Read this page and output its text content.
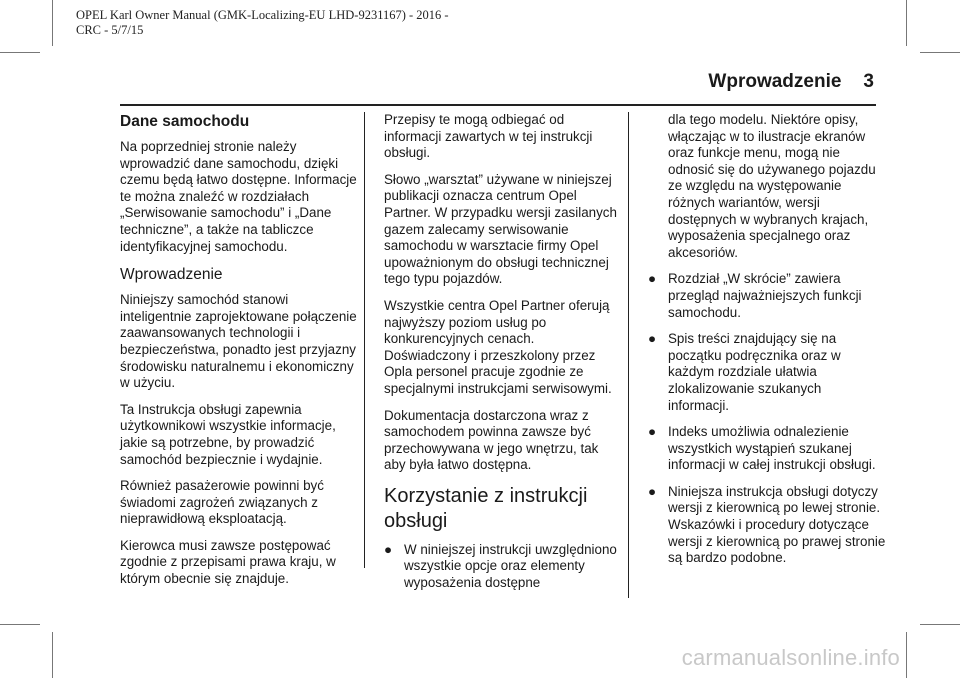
OPEL Karl Owner Manual (GMK-Localizing-EU LHD-9231167) - 2016 -
CRC - 5/7/15
Wprowadzenie 3
Dane samochodu

Na poprzedniej stronie należy wprowadzić dane samochodu, dzięki czemu będą łatwo dostępne. Informacje te można znaleźć w rozdziałach „Serwisowanie samochodu” i „Dane techniczne”, a także na tabliczce identyfikacyjnej samochodu.

Wprowadzenie

Niniejszy samochód stanowi inteligentnie zaprojektowane połączenie zaawansowanych technologii i bezpieczeństwa, ponadto jest przyjazny środowisku naturalnemu i ekonomiczny w użyciu.

Ta Instrukcja obsługi zapewnia użytkownikowi wszystkie informacje, jakie są potrzebne, by prowadzić samochód bezpiecznie i wydajnie.

Również pasażerowie powinni być świadomi zagrożeń związanych z nieprawidłową eksploatacją.

Kierowca musi zawsze postępować zgodnie z przepisami prawa kraju, w którym obecnie się znajduje.

Przepisy te mogą odbiegać od informacji zawartych w tej instrukcji obsługi.

Słowo „warsztat” używane w niniejszej publikacji oznacza centrum Opel Partner. W przypadku wersji zasilanych gazem zalecamy serwisowanie samochodu w warsztacie firmy Opel upoważnionym do obsługi technicznej tego typu pojazdów.

Wszystkie centra Opel Partner oferują najwyższy poziom usług po konkurencyjnych cenach. Doświadczony i przeszkolony przez Opla personel pracuje zgodnie ze specjalnymi instrukcjami serwisowymi.

Dokumentacja dostarczona wraz z samochodem powinna zawsze być przechowywana w jego wnętrzu, tak aby była łatwo dostępna.

Korzystanie z instrukcji obsługi
● W niniejszej instrukcji uwzględniono wszystkie opcje oraz elementy wyposażenia dostępne
dla tego modelu. Niektóre opisy, włączając w to ilustracje ekranów oraz funkcje menu, mogą nie odnosić się do używanego pojazdu ze względu na występowanie różnych wariantów, wersji dostępnych w wybranych krajach, wyposażenia specjalnego oraz akcesoriów.
● Rozdział „W skrócie” zawiera przegląd najważniejszych funkcji samochodu.
● Spis treści znajdujący się na początku podręcznika oraz w każdym rozdziale ułatwia zlokalizowanie szukanych informacji.
● Indeks umożliwia odnalezienie wszystkich wystąpień szukanej informacji w całej instrukcji obsługi.
● Niniejsza instrukcja obsługi dotyczy wersji z kierownicą po lewej stronie. Wskazówki i procedury dotyczące wersji z kierownicą po prawej stronie są bardzo podobne.
carmanualsonline.info
